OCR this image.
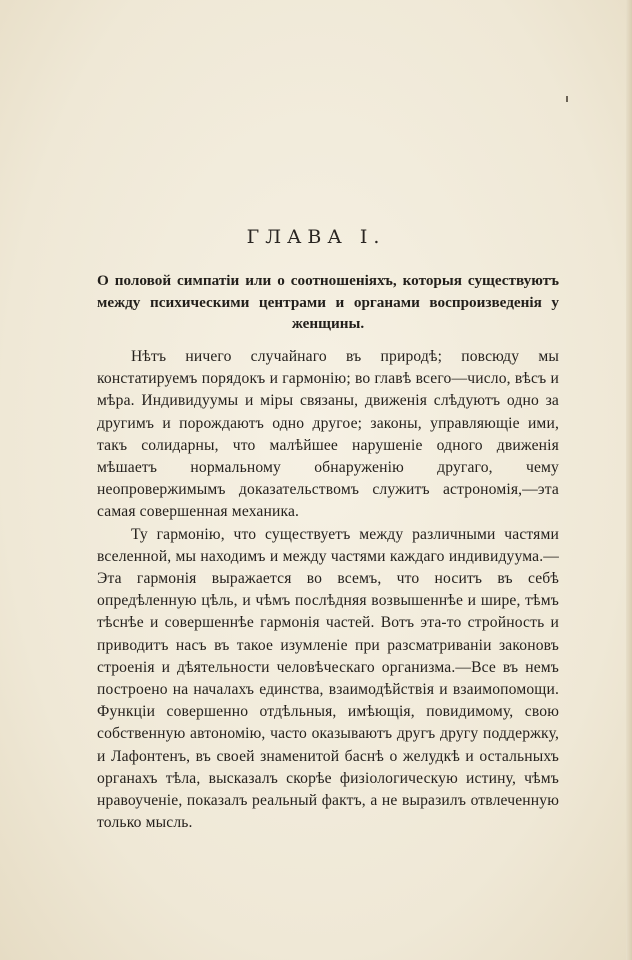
ГЛАВА I.

О половой симпатіи или о соотношеніяхъ, которыя существуютъ между психическими центрами и органами воспроизведенія у женщины.

Нѣтъ ничего случайнаго въ природѣ; повсюду мы констатируемъ порядокъ и гармонію; во главѣ всего—число, вѣсъ и мѣра. Индивидуумы и міры связаны, движенія слѣдуютъ одно за другимъ и порождаютъ одно другое; законы, управляющіе ими, такъ солидарны, что малѣйшее нарушеніе одного движенія мѣшаетъ нормальному обнаруженію другаго, чему неопровержимымъ доказательствомъ служитъ астрономія,—эта самая совершенная механика.

Ту гармонію, что существуетъ между различными частями вселенной, мы находимъ и между частями каждаго индивидуума.—Эта гармонія выражается во всемъ, что носитъ въ себѣ опредѣленную цѣль, и чѣмъ послѣдняя возвышеннѣе и шире, тѣмъ тѣснѣе и совершеннѣе гармонія частей. Вотъ эта-то стройность и приводитъ насъ въ такое изумленіе при разсматриваніи законовъ строенія и дѣятельности человѣческаго организма.—Все въ немъ построено на началахъ единства, взаимодѣйствія и взаимопомощи. Функціи совершенно отдѣльныя, имѣющія, повидимому, свою собственную автономію, часто оказываютъ другъ другу поддержку, и Лафонтенъ, въ своей знаменитой баснѣ о желудкѣ и остальныхъ органахъ тѣла, высказалъ скорѣе физіологическую истину, чѣмъ нравоученіе, показалъ реальный фактъ, а не выразилъ отвлеченную только мысль.
